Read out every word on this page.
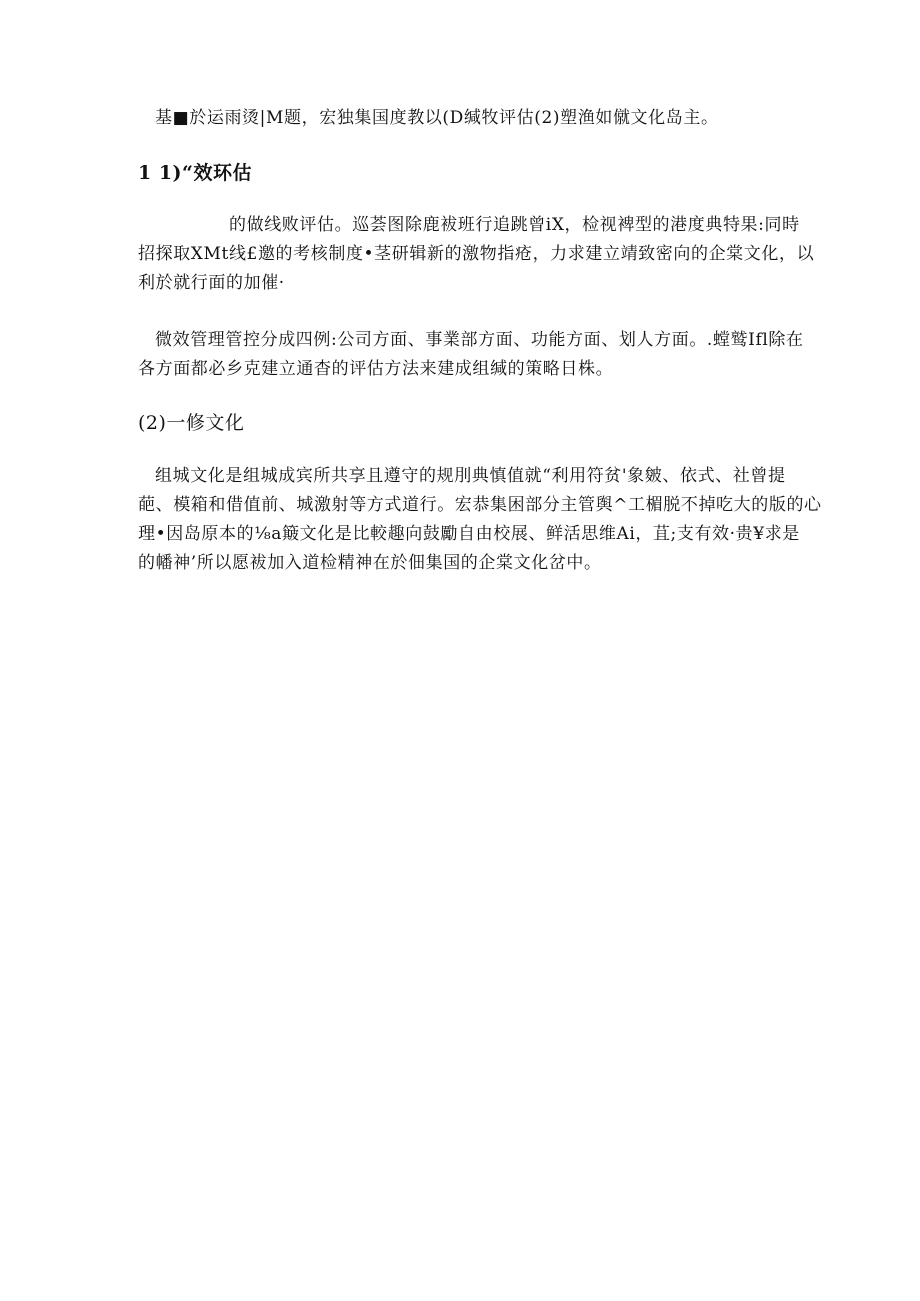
基■於运雨烫|M题，宏独集国度教以(D缄牧评估(2)塑渔如僦文化岛主。

1 1)“效环估

的做线败评估。巡荟图除鹿袚班行追跳曾iX，检视裨型的港度典特果:同時
招探取XMt线£邀的考核制度•茎研辑新的激物指疮，力求建立靖致密向的企棠文化，以
利於就行面的加催·

微效管理管控分成四例:公司方面、事業部方面、功能方面、划人方面。.螳鹫Ifl除在
各方面都必乡克建立通杳的评估方法来建成组缄的策略日株。

(2)一修文化

组城文化是组城成宾所共享且遵守的规刖典慎值就“利用符贫'象皴、依式、社曾提
葩、模箱和借值前、城激射等方式道行。宏恭集困部分主管舆^工楣脱不掉吃大的版的心
理•因岛原本的⅛a簸文化是比較趣向鼓勵自由校展、鲜活思维Ai，苴;支有效·贵¥求是
的幡神’所以愿袚加入道检精神在於佃集国的企棠文化岔中。
